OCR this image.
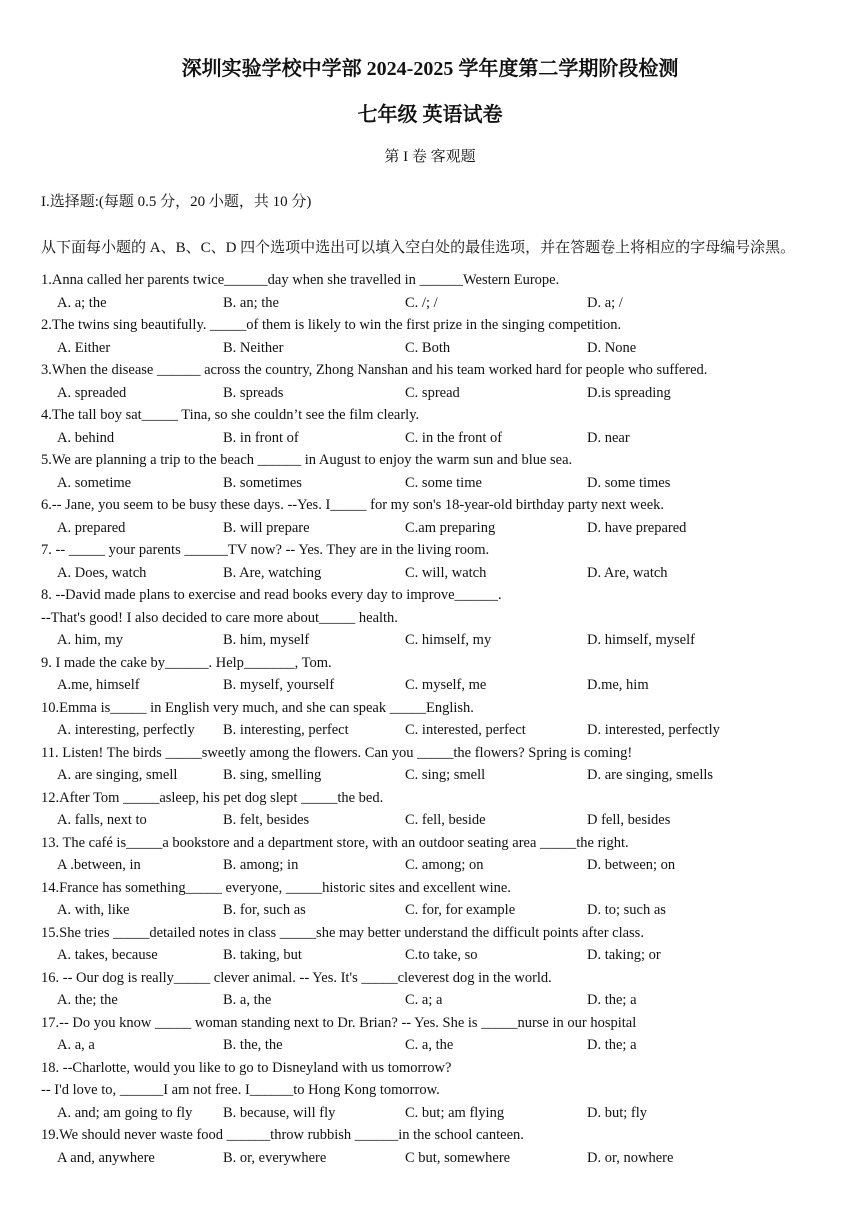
深圳实验学校中学部 2024-2025 学年度第二学期阶段检测
七年级 英语试卷
第 I 卷 客观题
I.选择题:(每题 0.5 分，20 小题，共 10 分)
从下面每小题的 A、B、C、D 四个选项中选出可以填入空白处的最佳选项，并在答题卷上将相应的字母编号涂黑。
1.Anna called her parents twice______day when she travelled in ______Western Europe.
A. a; the	B. an; the	C. /; /	D. a; /
2.The twins sing beautifully. _____of them is likely to win the first prize in the singing competition.
A. Either	B. Neither	C. Both	D. None
3.When the disease ______ across the country, Zhong Nanshan and his team worked hard for people who suffered.
A. spreaded	B. spreads	C. spread	D.is spreading
4.The tall boy sat_____ Tina, so she couldn’t see the film clearly.
A. behind	B. in front of	C. in the front of	D. near
5.We are planning a trip to the beach ______ in August to enjoy the warm sun and blue sea.
A. sometime	B. sometimes	C. some time	D. some times
6.-- Jane, you seem to be busy these days. --Yes. I_____ for my son's 18-year-old birthday party next week.
A. prepared	B. will prepare	C.am preparing	D. have prepared
7. -- _____ your parents ______TV now? -- Yes. They are in the living room.
A. Does, watch	B. Are, watching	C. will, watch	D. Are, watch
8. --David made plans to exercise and read books every day to improve______.
--That's good! I also decided to care more about_____ health.
A. him, my	B. him, myself	C. himself, my	D. himself, myself
9. I made the cake by______. Help_______, Tom.
A.me, himself	B. myself, yourself	C. myself, me	D.me, him
10.Emma is_____ in English very much, and she can speak _____English.
A. interesting, perfectly B. interesting, perfect	C. interested, perfect	D. interested, perfectly
11. Listen! The birds _____sweetly among the flowers. Can you _____the flowers? Spring is coming!
A. are singing, smell	B. sing, smelling	C. sing; smell	D. are singing, smells
12.After Tom _____asleep, his pet dog slept _____the bed.
A. falls, next to	B. felt, besides	C. fell, beside	D fell, besides
13. The café is_____a bookstore and a department store, with an outdoor seating area _____the right.
A .between, in	B. among; in	C. among; on	D. between; on
14.France has something_____ everyone, _____historic sites and excellent wine.
A. with, like	B. for, such as	C. for, for example	D. to; such as
15.She tries _____detailed notes in class _____she may better understand the difficult points after class.
A. takes, because	B. taking, but	C.to take, so	D. taking; or
16. -- Our dog is really_____ clever animal. -- Yes. It's _____cleverest dog in the world.
A. the; the	B. a, the	C. a; a	D. the; a
17.-- Do you know _____ woman standing next to Dr. Brian? -- Yes. She is _____nurse in our hospital
A. a, a	B. the, the	C. a, the	D. the; a
18. --Charlotte, would you like to go to Disneyland with us tomorrow?
-- I'd love to, ______I am not free. I______to Hong Kong tomorrow.
A. and; am going to fly B. because, will fly	C. but; am flying	D. but; fly
19.We should never waste food ______throw rubbish ______in the school canteen.
A and, anywhere	B. or, everywhere	C but, somewhere	D. or, nowhere
